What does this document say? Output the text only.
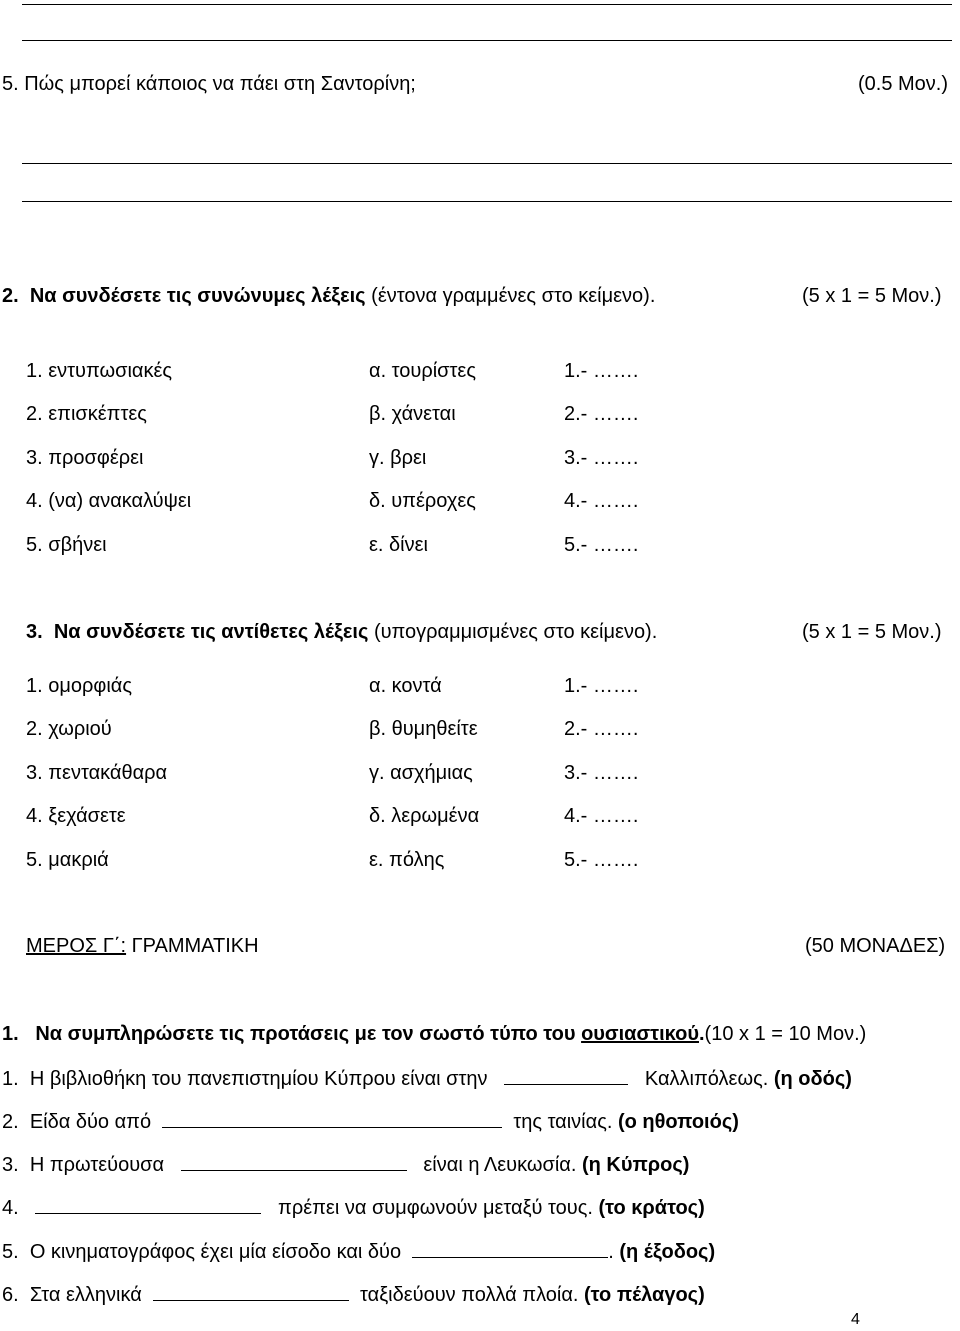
5. Πώς μπορεί κάποιος να πάει στη Σαντορίνη;	(0.5 Μον.)
2. Να συνδέσετε τις συνώνυμες λέξεις (έντονα γραμμένες στο κείμενο).	(5 x 1 = 5 Μον.)
1. εντυπωσιακές	α. τουρίστες	1.- …….
2. επισκέπτες	β. χάνεται	2.- …….
3. προσφέρει	γ. βρει	3.- …….
4. (να) ανακαλύψει	δ. υπέροχες	4.- …….
5. σβήνει	ε. δίνει	5.- …….
3. Να συνδέσετε τις αντίθετες λέξεις (υπογραμμισμένες στο κείμενο).	(5 x 1 = 5 Μον.)
1. ομορφιάς	α. κοντά	1.- …….
2. χωριού	β. θυμηθείτε	2.- …….
3. πεντακάθαρα	γ. ασχήμιας	3.- …….
4. ξεχάσετε	δ. λερωμένα	4.- …….
5. μακριά	ε. πόλης	5.- …….
ΜΕΡΟΣ Γ΄: ΓΡΑΜΜΑΤΙΚΗ	(50 ΜΟΝΑΔΕΣ)
1. Να συμπληρώσετε τις προτάσεις με τον σωστό τύπο του ουσιαστικού.(10 x 1 = 10 Μον.)
1. Η βιβλιοθήκη του πανεπιστημίου Κύπρου είναι στην	Καλλιπόλεως. (η οδός)
2. Είδα δύο από	της ταινίας. (ο ηθοποιός)
3. Η πρωτεύουσα	είναι η Λευκωσία. (η Κύπρος)
4.	πρέπει να συμφωνούν μεταξύ τους. (το κράτος)
5. Ο κινηματογράφος έχει μία είσοδο και δύο	. (η έξοδος)
6. Στα ελληνικά	ταξιδεύουν πολλά πλοία. (το πέλαγος)
4
